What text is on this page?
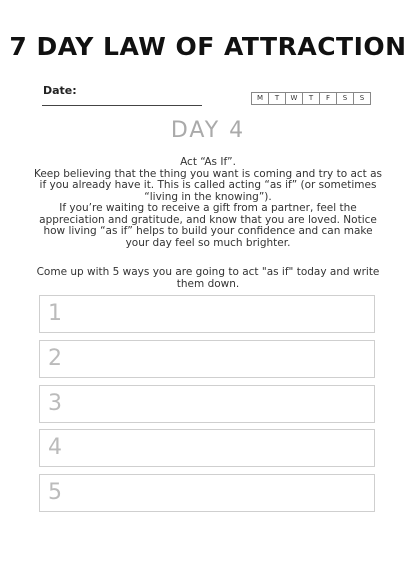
7 DAY LAW OF ATTRACTION
Date:
M	T	W	T	F	S	S
DAY 4

Act “As If”.

Keep believing that the thing you want is coming and try to act as if you already have it. This is called acting “as if” (or sometimes “living in the knowing”).

If you’re waiting to receive a gift from a partner, feel the appreciation and gratitude, and know that you are loved. Notice how living “as if” helps to build your confidence and can make your day feel so much brighter.

Come up with 5 ways you are going to act "as if" today and write them down.
1
2
3
4
5
